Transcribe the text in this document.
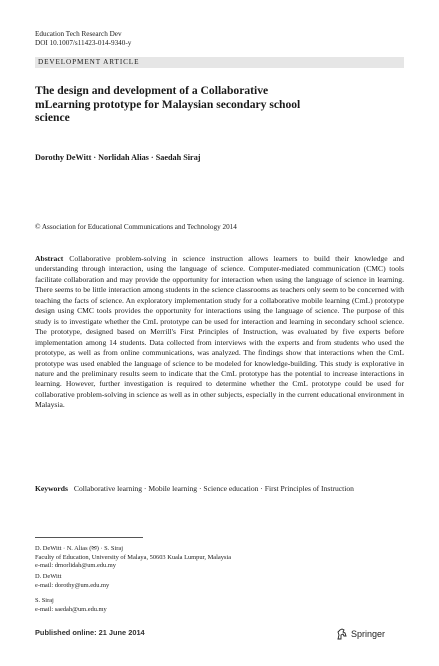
Education Tech Research Dev
DOI 10.1007/s11423-014-9340-y
DEVELOPMENT ARTICLE
The design and development of a Collaborative
mLearning prototype for Malaysian secondary school
science
Dorothy DeWitt · Norlidah Alias · Saedah Siraj
© Association for Educational Communications and Technology 2014
Abstract Collaborative problem-solving in science instruction allows learners to build their knowledge and understanding through interaction, using the language of science. Computer-mediated communication (CMC) tools facilitate collaboration and may provide the opportunity for interaction when using the language of science in learning. There seems to be little interaction among students in the science classrooms as teachers only seem to be concerned with teaching the facts of science. An exploratory implementation study for a collaborative mobile learning (CmL) prototype design using CMC tools provides the opportunity for interactions using the language of science. The purpose of this study is to investigate whether the CmL prototype can be used for interaction and learning in secondary school science. The prototype, designed based on Merrill's First Principles of Instruction, was evaluated by five experts before implementation among 14 students. Data collected from interviews with the experts and from students who used the prototype, as well as from online communications, was analyzed. The findings show that interactions when the CmL prototype was used enabled the language of science to be modeled for knowledge-building. This study is explorative in nature and the preliminary results seem to indicate that the CmL prototype has the potential to increase interactions in learning. However, further investigation is required to determine whether the CmL prototype could be used for collaborative problem-solving in science as well as in other subjects, especially in the current educational environment in Malaysia.
Keywords Collaborative learning · Mobile learning · Science education · First Principles of Instruction
D. DeWitt · N. Alias (✉) · S. Siraj
Faculty of Education, University of Malaya, 50603 Kuala Lumpur, Malaysia
e-mail: drnorlidah@um.edu.my
D. DeWitt
e-mail: dorothy@um.edu.my
S. Siraj
e-mail: saedah@um.edu.my
Published online: 21 June 2014	Springer
